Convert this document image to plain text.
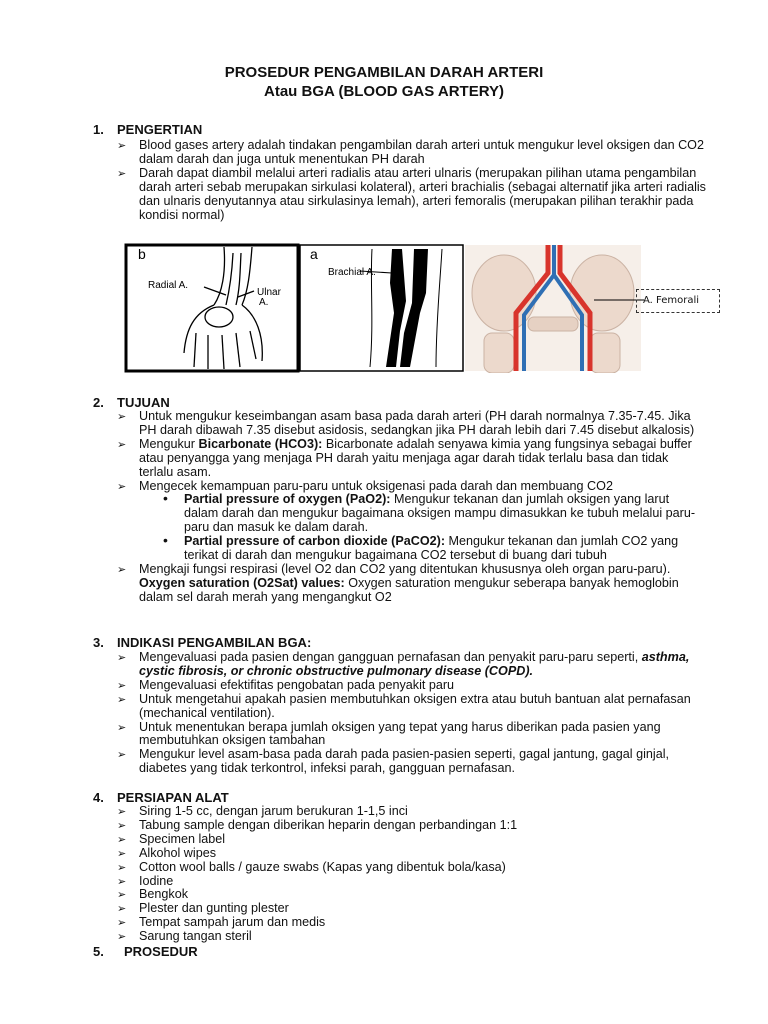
PROSEDUR PENGAMBILAN DARAH ARTERI
Atau BGA (BLOOD GAS ARTERY)
1. PENGERTIAN
➢ Blood gases artery adalah tindakan pengambilan darah arteri untuk mengukur level oksigen dan CO2 dalam darah dan juga untuk menentukan PH darah
➢ Darah dapat diambil melalui arteri radialis atau arteri ulnaris (merupakan pilihan utama pengambilan darah arteri sebab merupakan sirkulasi kolateral), arteri brachialis (sebagai alternatif jika arteri radialis dan ulnaris denyutannya atau sirkulasinya lemah), arteri femoralis (merupakan pilihan terakhir pada kondisi normal)
b
Radial A.
Ulnar
A.
a
Brachial A.
A. Femorali
2. TUJUAN
➢ Untuk mengukur keseimbangan asam basa pada darah arteri (PH darah normalnya 7.35-7.45. Jika PH darah dibawah 7.35 disebut asidosis, sedangkan jika PH darah lebih dari 7.45 disebut alkalosis)
➢ Mengukur Bicarbonate (HCO3): Bicarbonate adalah senyawa kimia yang fungsinya sebagai buffer atau penyangga yang menjaga PH darah yaitu menjaga agar darah tidak terlalu basa dan tidak terlalu asam.
➢ Mengecek kemampuan paru-paru untuk oksigenasi pada darah dan membuang CO2
• Partial pressure of oxygen (PaO2): Mengukur tekanan dan jumlah oksigen yang larut dalam darah dan mengukur bagaimana oksigen mampu dimasukkan ke tubuh melalui paru-paru dan masuk ke dalam darah.
• Partial pressure of carbon dioxide (PaCO2): Mengukur tekanan dan jumlah CO2 yang terikat di darah dan mengukur bagaimana CO2 tersebut di buang dari tubuh
➢ Mengkaji fungsi respirasi (level O2 dan CO2 yang ditentukan khususnya oleh organ paru-paru). Oxygen saturation (O2Sat) values: Oxygen saturation mengukur seberapa banyak hemoglobin dalam sel darah merah yang mengangkut O2
3. INDIKASI PENGAMBILAN BGA:
➢ Mengevaluasi pada pasien dengan gangguan pernafasan dan penyakit paru-paru seperti, asthma, cystic fibrosis, or chronic obstructive pulmonary disease (COPD).
➢ Mengevaluasi efektifitas pengobatan pada penyakit paru
➢ Untuk mengetahui apakah pasien membutuhkan oksigen extra atau butuh bantuan alat pernafasan (mechanical ventilation).
➢ Untuk menentukan berapa jumlah oksigen yang tepat yang harus diberikan pada pasien yang membutuhkan oksigen tambahan
➢ Mengukur level asam-basa pada darah pada pasien-pasien seperti, gagal jantung, gagal ginjal, diabetes yang tidak terkontrol, infeksi parah, gangguan pernafasan.
4. PERSIAPAN ALAT
➢ Siring 1-5 cc, dengan jarum berukuran 1-1,5 inci
➢ Tabung sample dengan diberikan heparin dengan perbandingan 1:1
➢ Specimen label
➢ Alkohol wipes
➢ Cotton wool balls / gauze swabs (Kapas yang dibentuk bola/kasa)
➢ Iodine
➢ Bengkok
➢ Plester dan gunting plester
➢ Tempat sampah jarum dan medis
➢ Sarung tangan steril
5. PROSEDUR
